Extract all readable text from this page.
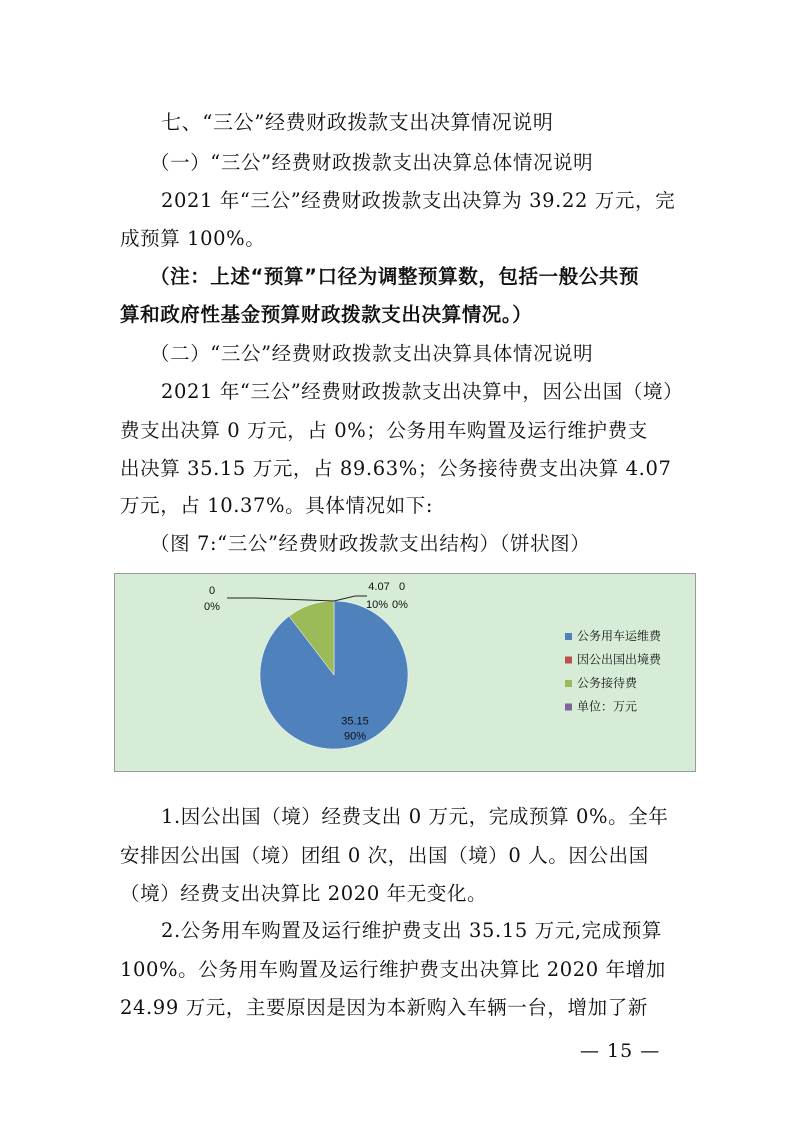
七、“三公”经费财政拨款支出决算情况说明
（一）“三公”经费财政拨款支出决算总体情况说明
2021 年“三公”经费财政拨款支出决算为 39.22 万元，完
成预算 100%。
（注：上述“预算”口径为调整预算数，包括一般公共预
算和政府性基金预算财政拨款支出决算情况。）
（二）“三公”经费财政拨款支出决算具体情况说明
2021 年“三公”经费财政拨款支出决算中，因公出国（境）
费支出决算 0 万元，占 0%；公务用车购置及运行维护费支
出决算 35.15 万元，占 89.63%；公务接待费支出决算 4.07
万元，占 10.37%。具体情况如下:
（图 7:“三公”经费财政拨款支出结构）（饼状图）
35.15
90%
0
0%
4.07
10%
0
0%
公务用车运维费
因公出国出境费
公务接待费
单位：万元
1.因公出国（境）经费支出 0 万元，完成预算 0%。全年
安排因公出国（境）团组 0 次，出国（境）0 人。因公出国
（境）经费支出决算比 2020 年无变化。
2.公务用车购置及运行维护费支出 35.15 万元,完成预算
100%。公务用车购置及运行维护费支出决算比 2020 年增加
24.99 万元，主要原因是因为本新购入车辆一台，增加了新
— 15 —
